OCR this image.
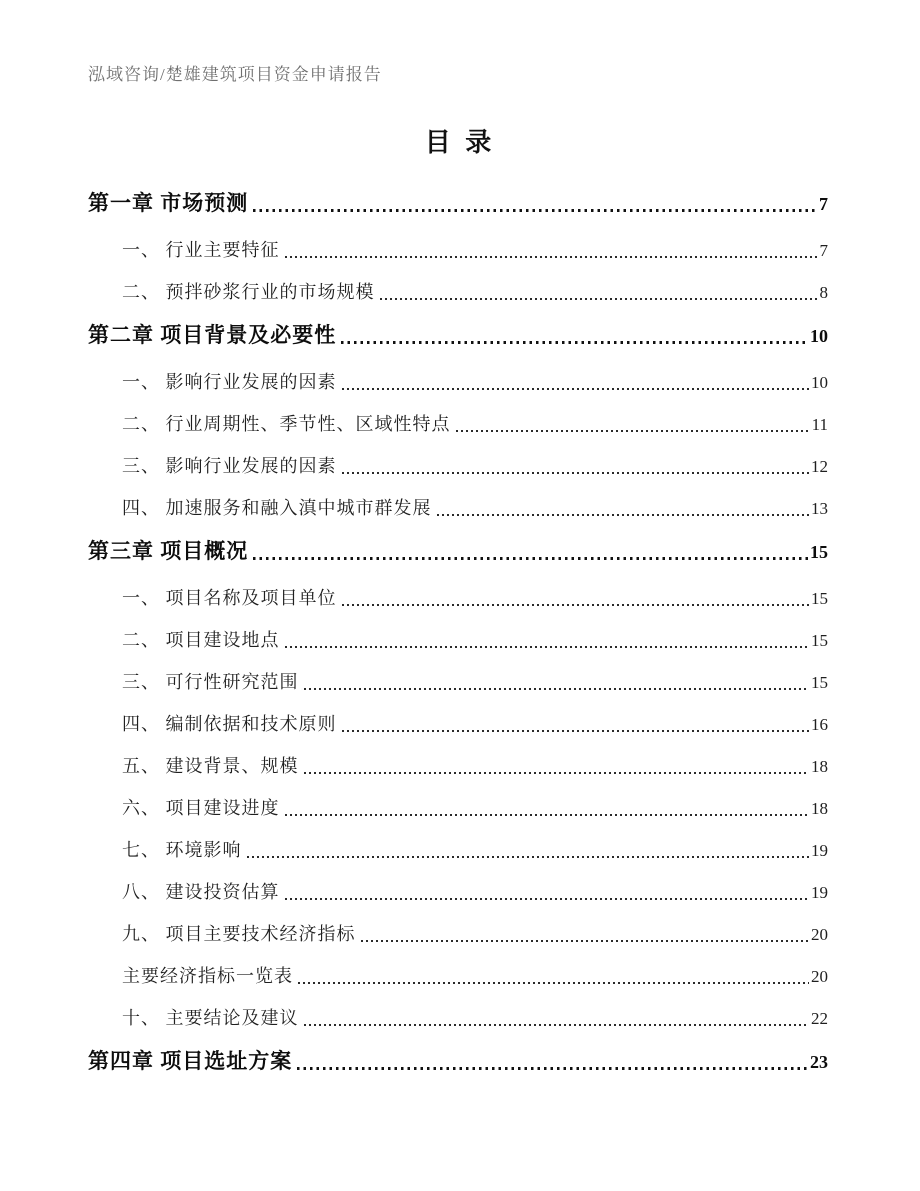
泓域咨询/楚雄建筑项目资金申请报告
目 录
第一章 市场预测	7
一、 行业主要特征	7
二、 预拌砂浆行业的市场规模	8
第二章 项目背景及必要性	10
一、 影响行业发展的因素	10
二、 行业周期性、季节性、区域性特点	11
三、 影响行业发展的因素	12
四、 加速服务和融入滇中城市群发展	13
第三章 项目概况	15
一、 项目名称及项目单位	15
二、 项目建设地点	15
三、 可行性研究范围	15
四、 编制依据和技术原则	16
五、 建设背景、规模	18
六、 项目建设进度	18
七、 环境影响	19
八、 建设投资估算	19
九、 项目主要技术经济指标	20
主要经济指标一览表	20
十、 主要结论及建议	22
第四章 项目选址方案	23
